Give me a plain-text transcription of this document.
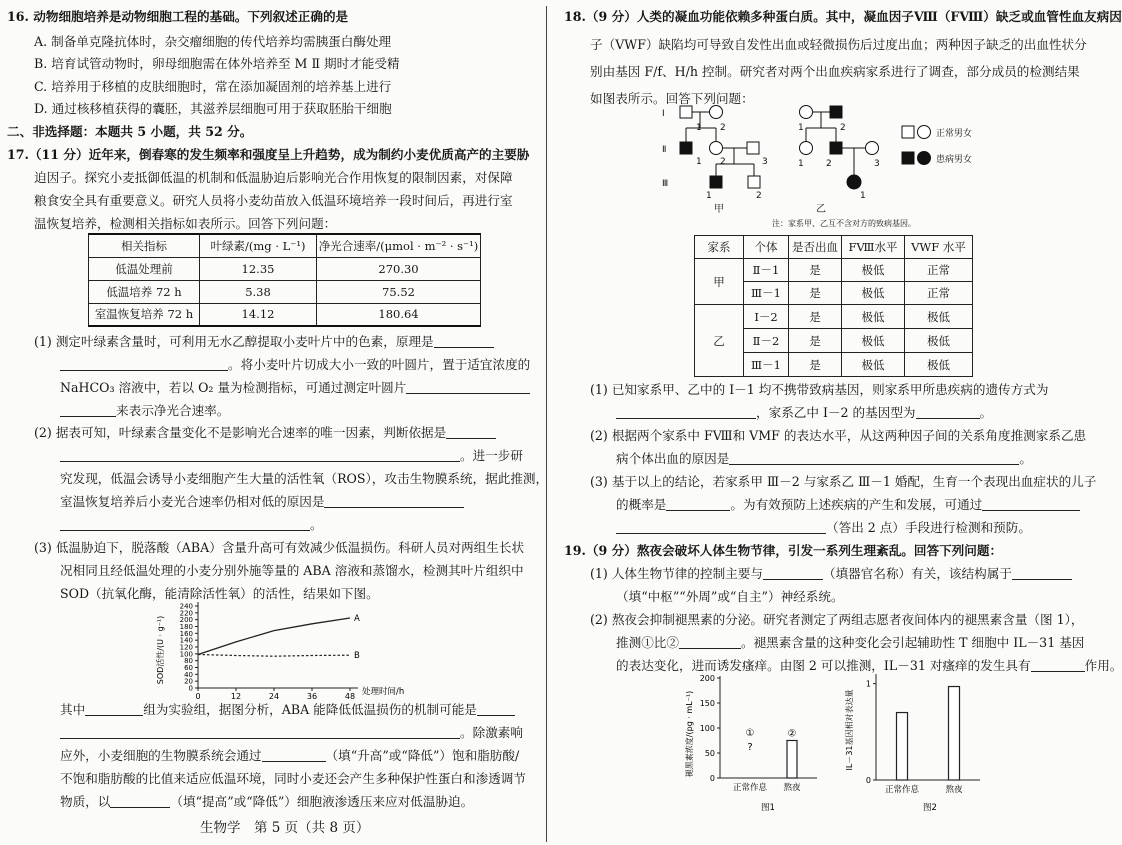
16. 动物细胞培养是动物细胞工程的基础。下列叙述正确的是
A. 制备单克隆抗体时，杂交瘤细胞的传代培养均需胰蛋白酶处理
B. 培育试管动物时，卵母细胞需在体外培养至 M Ⅱ 期时才能受精
C. 培养用于移植的皮肤细胞时，常在添加凝固剂的培养基上进行
D. 通过核移植获得的囊胚，其滋养层细胞可用于获取胚胎干细胞
二、非选择题：本题共 5 小题，共 52 分。
17.（11 分）近年来，倒春寒的发生频率和强度呈上升趋势，成为制约小麦优质高产的主要胁
迫因子。探究小麦抵御低温的机制和低温胁迫后影响光合作用恢复的限制因素，对保障
粮食安全具有重要意义。研究人员将小麦幼苗放入低温环境培养一段时间后，再进行室
温恢复培养，检测相关指标如表所示。回答下列问题：
相关指标	叶绿素/(mg · L⁻¹)	净光合速率/(μmol · m⁻² · s⁻¹)
低温处理前	12.35	270.30
低温培养 72 h	5.38	75.52
室温恢复培养 72 h	14.12	180.64
(1) 测定叶绿素含量时，可利用无水乙醇提取小麦叶片中的色素，原理是
。将小麦叶片切成大小一致的叶圆片，置于适宜浓度的
NaHCO₃ 溶液中，若以 O₂ 量为检测指标，可通过测定叶圆片
来表示净光合速率。
(2) 据表可知，叶绿素含量变化不是影响光合速率的唯一因素，判断依据是
。进一步研
究发现，低温会诱导小麦细胞产生大量的活性氧（ROS），攻击生物膜系统，据此推测，
室温恢复培养后小麦光合速率仍相对低的原因是
。
(3) 低温胁迫下，脱落酸（ABA）含量升高可有效减少低温损伤。科研人员对两组生长状
况相同且经低温处理的小麦分别外施等量的 ABA 溶液和蒸馏水，检测其叶片组织中
SOD（抗氧化酶，能清除活性氧）的活性，结果如下图。
SOD活性/(U · g⁻¹)
0
20
40
60
80
100
120
140
160
180
200
220
240
0	12	24	36	48 处理时间/h
A
B
其中	组为实验组，据图分析，ABA 能降低低温损伤的机制可能是
。除激素响
应外，小麦细胞的生物膜系统会通过	（填“升高”或“降低”）饱和脂肪酸/
不饱和脂肪酸的比值来适应低温环境，同时小麦还会产生多种保护性蛋白和渗透调节
物质，以	（填“提高”或“降低”）细胞液渗透压来应对低温胁迫。
生物学　第 5 页（共 8 页）
18.（9 分）人类的凝血功能依赖多种蛋白质。其中，凝血因子Ⅷ（FⅧ）缺乏或血管性血友病因
子（VWF）缺陷均可导致自发性出血或轻微损伤后过度出血；两种因子缺乏的出血性状分
别由基因 F/f、H/h 控制。研究者对两个出血疾病家系进行了调查，部分成员的检测结果
如图表所示。回答下列问题：
Ⅰ
Ⅱ
Ⅲ
1 2
1 2	3
1	2
1	2
1 2	3
1
甲	乙
正常男女
患病男女
注：家系甲、乙互不含对方的致病基因。
家系	个体	是否出血	FⅧ水平	VWF 水平
甲	Ⅱ－1	是	极低	正常
	Ⅲ－1	是	极低	正常
乙	Ⅰ－2	是	极低	极低
	Ⅱ－2	是	极低	极低
	Ⅲ－1	是	极低	极低
(1) 已知家系甲、乙中的 Ⅰ－1 均不携带致病基因，则家系甲所患疾病的遗传方式为
，家系乙中 Ⅰ－2 的基因型为	。
(2) 根据两个家系中 FⅧ和 VMF 的表达水平，从这两种因子间的关系角度推测家系乙患
病个体出血的原因是	。
(3) 基于以上的结论，若家系甲 Ⅲ－2 与家系乙 Ⅲ－1 婚配，生育一个表现出血症状的儿子
的概率是	。为有效预防上述疾病的产生和发展，可通过
（答出 2 点）手段进行检测和预防。
19.（9 分）熬夜会破坏人体生物节律，引发一系列生理紊乱。回答下列问题：
(1) 人体生物节律的控制主要与	（填器官名称）有关，该结构属于
（填“中枢”“外周”或“自主”）神经系统。
(2) 熬夜会抑制褪黑素的分泌。研究者测定了两组志愿者夜间体内的褪黑素含量（图 1），
推测①比②	。褪黑素含量的这种变化会引起辅助性 T 细胞中 IL－31 基因
的表达变化，进而诱发瘙痒。由图 2 可以推测，IL－31 对瘙痒的发生具有	作用。
褪黑素浓度/(pg · mL⁻¹)
0
50
100
150
200
①
?
②
正常作息 熬夜
图1
IL－31基因相对表达量
0
1
正常作息	熬夜
图2
